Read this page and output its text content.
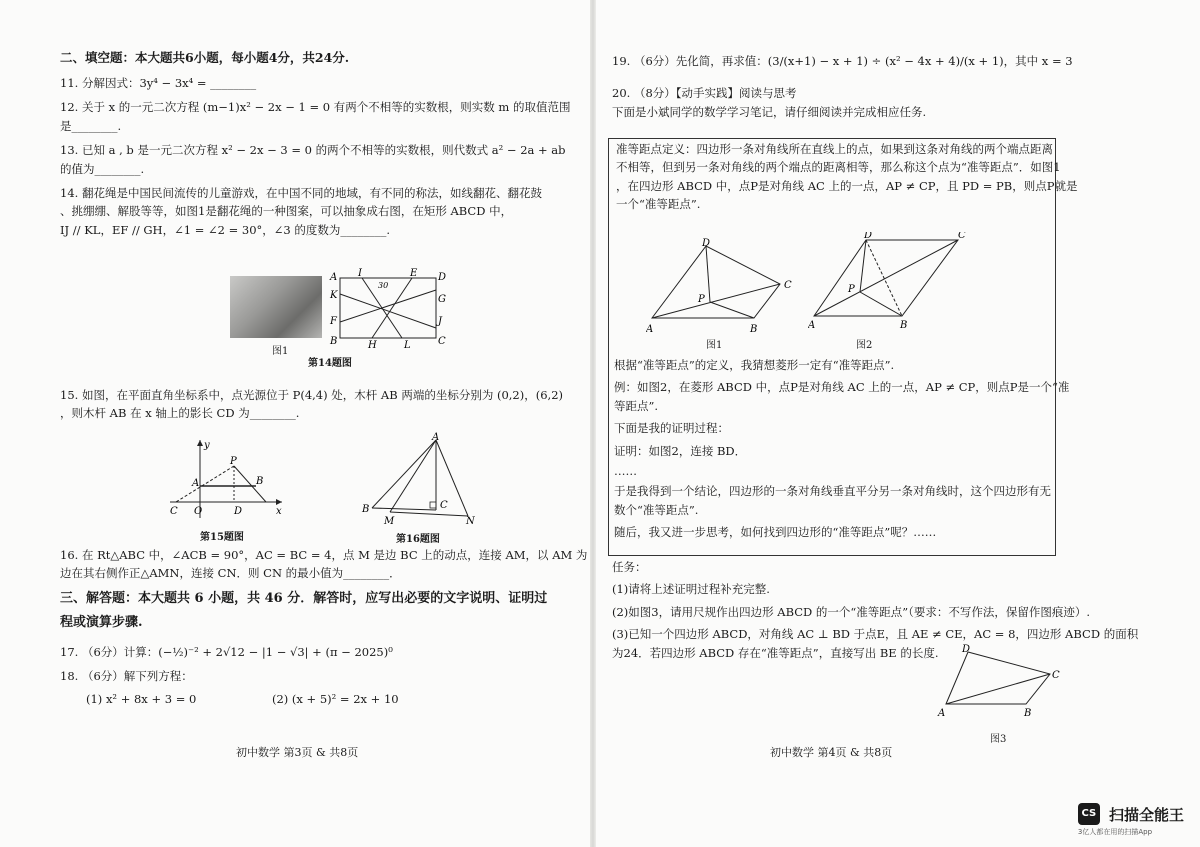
二、填空题：本大题共6小题，每小题4分，共24分.

11. 分解因式：3y⁴ − 3x⁴ = ________

12. 关于 x 的一元二次方程 (m−1)x² − 2x − 1 = 0 有两个不相等的实数根，则实数 m 的取值范围

是________.

13. 已知 a , b 是一元二次方程 x² − 2x − 3 = 0 的两个不相等的实数根，则代数式 a² − 2a + ab

的值为________.

14. 翻花绳是中国民间流传的儿童游戏，在中国不同的地域，有不同的称法，如线翻花、翻花鼓

、挑绷绷、解股等等，如图1是翻花绳的一种图案，可以抽象成右图，在矩形 ABCD 中，

IJ // KL，EF // GH，∠1 = ∠2 = 30°，∠3 的度数为________.

图1
A	D
B	C
I	E
K
F
G
J
H	L
30
第14题图

15. 如图，在平面直角坐标系中，点光源位于 P(4,4) 处，木杆 AB 两端的坐标分别为 (0,2)，(6,2)

，则木杆 AB 在 x 轴上的影长 CD 为________.

P
A	B
C O	D	x
y
第15题图
A
B	C
M	N
第16题图

16. 在 Rt△ABC 中，∠ACB = 90°，AC = BC = 4，点 M 是边 BC 上的动点，连接 AM，以 AM 为

边在其右侧作正△AMN，连接 CN．则 CN 的最小值为________．

三、解答题：本大题共 6 小题，共 46 分．解答时，应写出必要的文字说明、证明过

程或演算步骤.

17. （6分）计算：(−½)⁻² + 2√12 − |1 − √3| + (π − 2025)⁰

18. （6分）解下列方程：

(1) x² + 8x + 3 = 0	(2) (x + 5)² = 2x + 10

初中数学 第3页 & 共8页

19. （6分）先化简，再求值：(3/(x+1) − x + 1) ÷ (x² − 4x + 4)/(x + 1)，其中 x = 3

20. （8分）【动手实践】阅读与思考

下面是小斌同学的数学学习笔记，请仔细阅读并完成相应任务.

准等距点定义：四边形一条对角线所在直线上的点，如果到这条对角线的两个端点距离

不相等，但到另一条对角线的两个端点的距离相等，那么称这个点为“准等距点”．如图1

，在四边形 ABCD 中，点P是对角线 AC 上的一点，AP ≠ CP，且 PD = PB，则点P就是

一个“准等距点”.

D
C
A	B
P
图1
D	C
A	B
P
图2

根据“准等距点”的定义，我猜想菱形一定有“准等距点”.

例：如图2，在菱形 ABCD 中，点P是对角线 AC 上的一点，AP ≠ CP，则点P是一个“准

等距点”.

下面是我的证明过程：

证明：如图2，连接 BD．

……

于是我得到一个结论，四边形的一条对角线垂直平分另一条对角线时，这个四边形有无

数个“准等距点”.

随后，我又进一步思考，如何找到四边形的“准等距点”呢？……

任务：

(1)请将上述证明过程补充完整.

(2)如图3，请用尺规作出四边形 ABCD 的一个“准等距点”（要求：不写作法，保留作图痕迹）.

(3)已知一个四边形 ABCD，对角线 AC ⊥ BD 于点E，且 AE ≠ CE，AC = 8，四边形 ABCD 的面积

为24．若四边形 ABCD 存在“准等距点”，直接写出 BE 的长度.	D
C
A	B
图3
初中数学 第4页 & 共8页
CS 扫描全能王
3亿人都在用的扫描App
